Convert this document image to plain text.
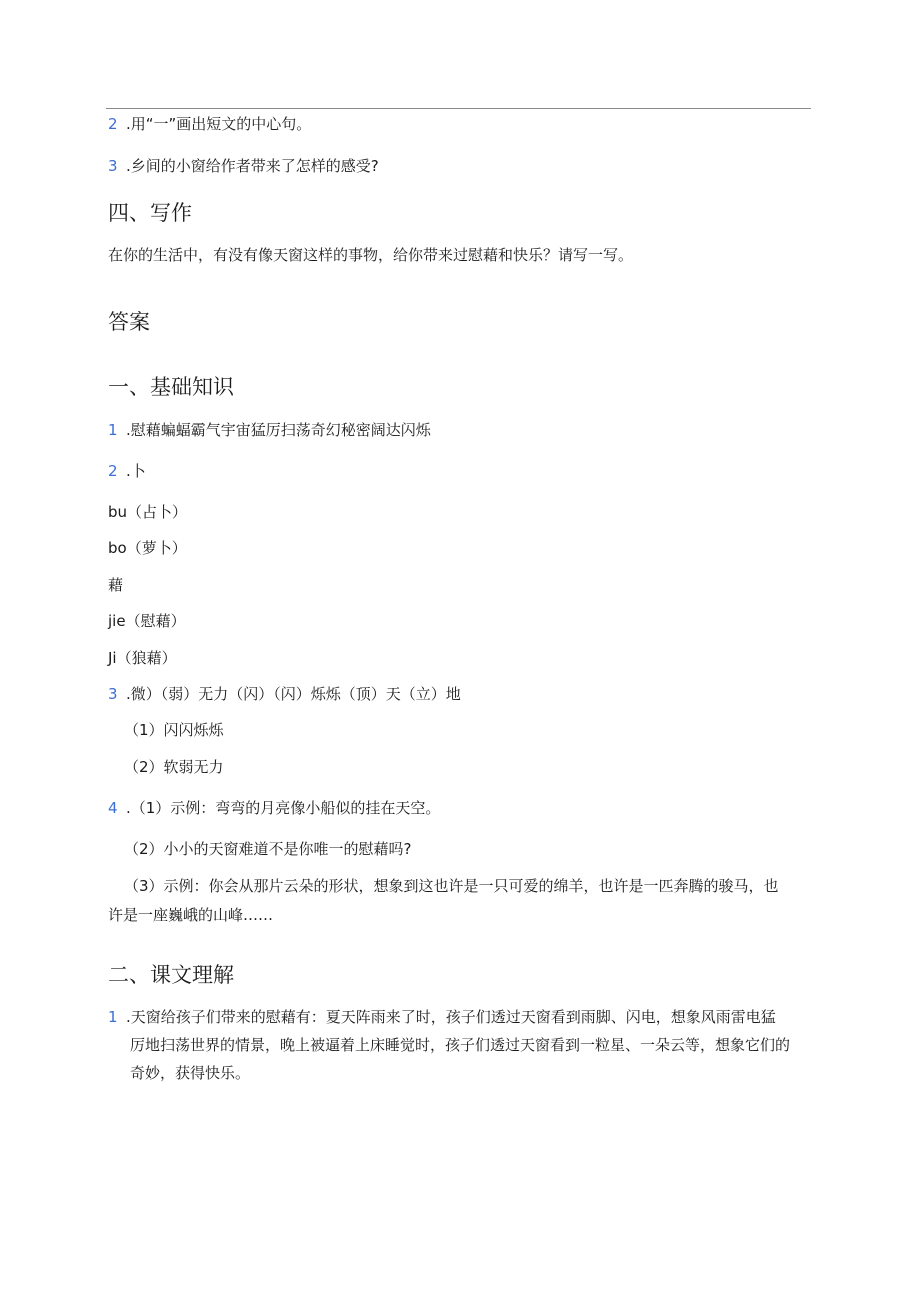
2 .用“一”画出短文的中心句。
3 .乡间的小窗给作者带来了怎样的感受?
四、写作
在你的生活中，有没有像天窗这样的事物，给你带来过慰藉和快乐？请写一写。
答案
一、基础知识
1 .慰藉蝙蝠霸气宇宙猛厉扫荡奇幻秘密阔达闪烁
2 .卜
bu（占卜）
bo（萝卜）
藉
jie（慰藉）
Ji（狼藉）
3 .微）（弱）无力（闪）（闪）烁烁（顶）天（立）地
（1）闪闪烁烁
（2）软弱无力
4 .（1）示例：弯弯的月亮像小船似的挂在天空。
（2）小小的天窗难道不是你唯一的慰藉吗?
（3）示例：你会从那片云朵的形状，想象到这也许是一只可爱的绵羊，也许是一匹奔腾的骏马，也
许是一座巍峨的山峰……
二、课文理解
1 .天窗给孩子们带来的慰藉有：夏天阵雨来了时，孩子们透过天窗看到雨脚、闪电，想象风雨雷电猛
厉地扫荡世界的情景，晚上被逼着上床睡觉时，孩子们透过天窗看到一粒星、一朵云等，想象它们的
奇妙，获得快乐。
